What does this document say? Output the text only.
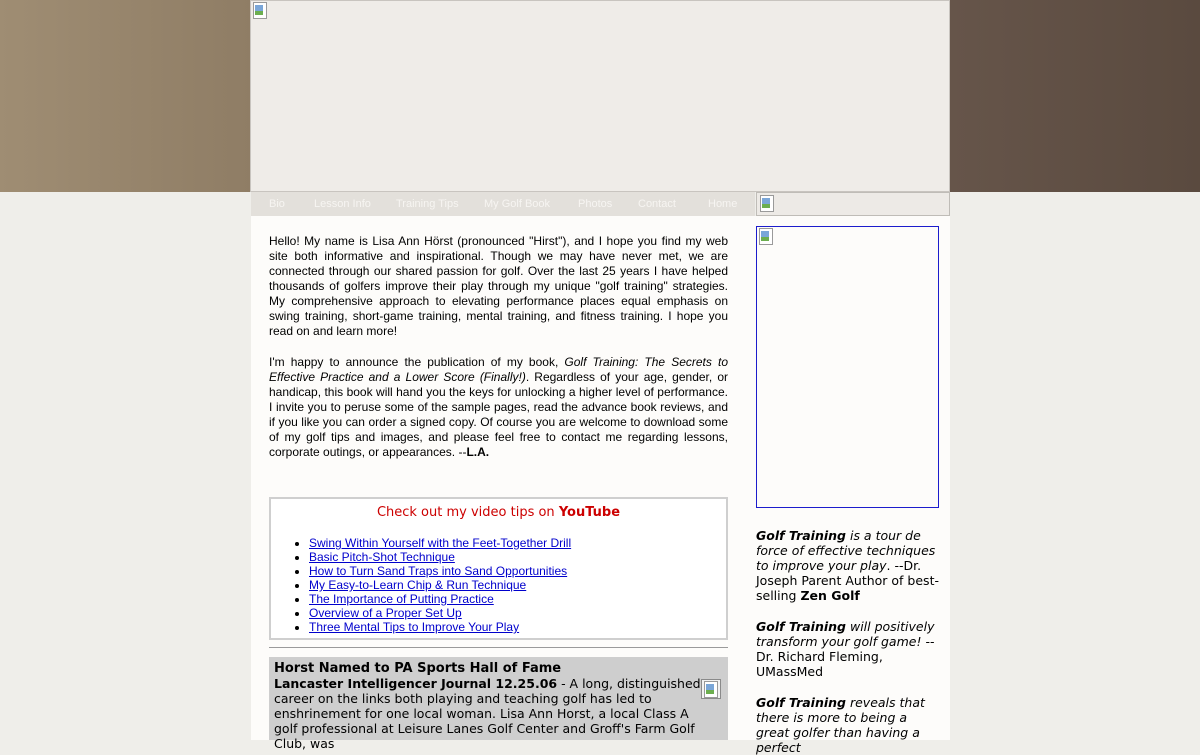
Bio	Lesson Info Training Tips My Golf Book	Photos Contact	Home

Hello! My name is Lisa Ann Hörst (pronounced "Hirst"), and I hope you find my web site both informative and inspirational. Though we may have never met, we are connected through our shared passion for golf. Over the last 25 years I have helped thousands of golfers improve their play through my unique "golf training" strategies. My comprehensive approach to elevating performance places equal emphasis on swing training, short-game training, mental training, and fitness training. I hope you read on and learn more!

I'm happy to announce the publication of my book, Golf Training: The Secrets to Effective Practice and a Lower Score (Finally!). Regardless of your age, gender, or handicap, this book will hand you the keys for unlocking a higher level of performance. I invite you to peruse some of the sample pages, read the advance book reviews, and if you like you can order a signed copy. Of course you are welcome to download some of my golf tips and images, and please feel free to contact me regarding lessons, corporate outings, or appearances. --L.A.

Check out my video tips on YouTube
• Swing Within Yourself with the Feet-Together Drill
• Basic Pitch-Shot Technique
• How to Turn Sand Traps into Sand Opportunities
• My Easy-to-Learn Chip & Run Technique
• The Importance of Putting Practice
• Overview of a Proper Set Up
• Three Mental Tips to Improve Your Play
Horst Named to PA Sports Hall of Fame
Lancaster Intelligencer Journal 12.25.06 - A long, distinguished career on the links both playing and teaching golf has led to enshrinement for one local woman. Lisa Ann Horst, a local Class A golf professional at Leisure Lanes Golf Center and Groff's Farm Golf Club, was
Golf Training is a tour de force of effective techniques to improve your play. --Dr. Joseph Parent Author of best-selling Zen Golf
Golf Training will positively transform your golf game! --Dr. Richard Fleming, UMassMed
Golf Training reveals that there is more to being a great golfer than having a perfect
